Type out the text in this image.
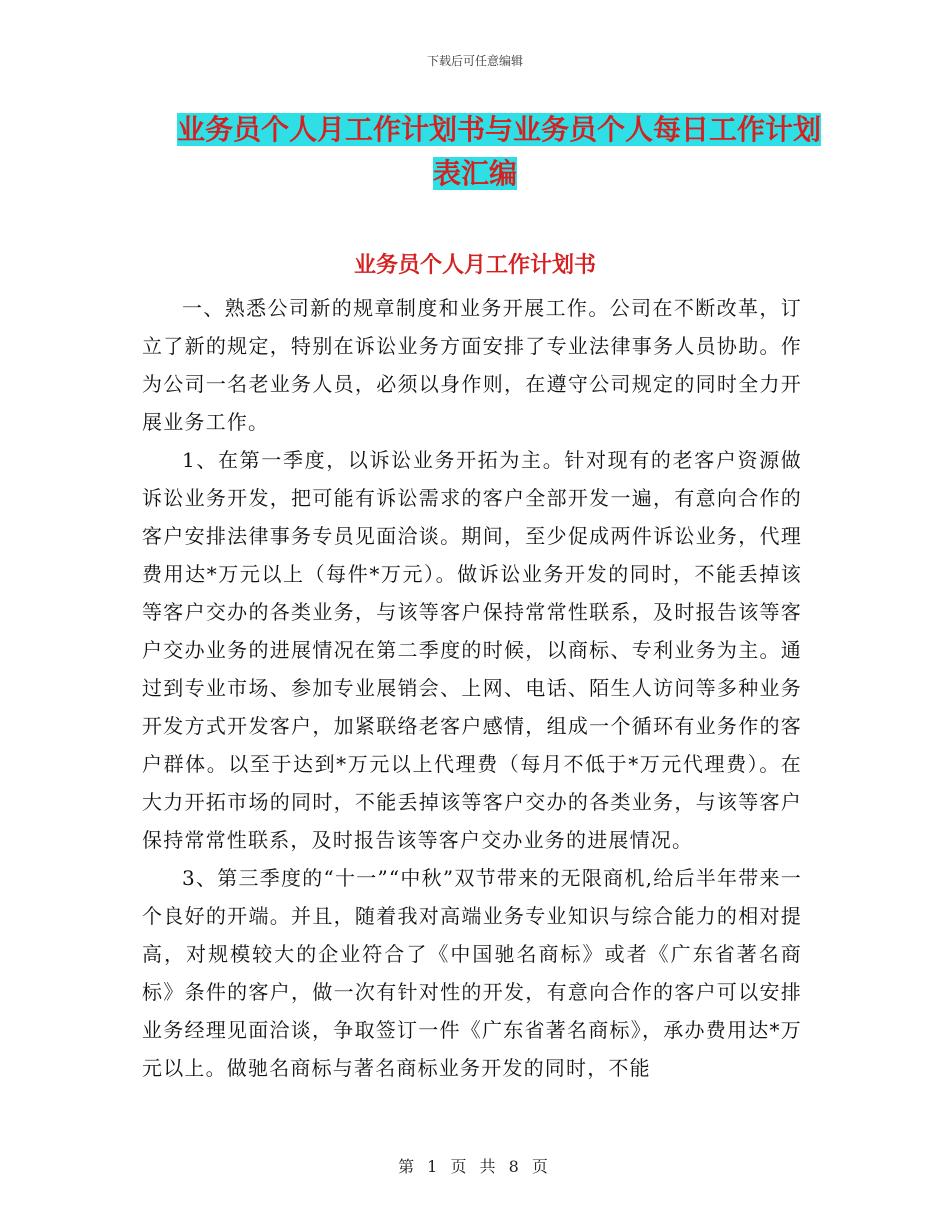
下载后可任意编辑
业务员个人月工作计划书与业务员个人每日工作计划
表汇编
业务员个人月工作计划书

一、熟悉公司新的规章制度和业务开展工作。公司在不断改革，订立了新的规定，特别在诉讼业务方面安排了专业法律事务人员协助。作为公司一名老业务人员，必须以身作则，在遵守公司规定的同时全力开展业务工作。

1、在第一季度，以诉讼业务开拓为主。针对现有的老客户资源做诉讼业务开发，把可能有诉讼需求的客户全部开发一遍，有意向合作的客户安排法律事务专员见面洽谈。期间，至少促成两件诉讼业务，代理费用达*万元以上（每件*万元）。做诉讼业务开发的同时，不能丢掉该等客户交办的各类业务，与该等客户保持常常性联系，及时报告该等客户交办业务的进展情况在第二季度的时候，以商标、专利业务为主。通过到专业市场、参加专业展销会、上网、电话、陌生人访问等多种业务开发方式开发客户，加紧联络老客户感情，组成一个循环有业务作的客户群体。以至于达到*万元以上代理费（每月不低于*万元代理费）。在大力开拓市场的同时，不能丢掉该等客户交办的各类业务，与该等客户保持常常性联系，及时报告该等客户交办业务的进展情况。

3、第三季度的“十一”“中秋”双节带来的无限商机,给后半年带来一个良好的开端。并且，随着我对高端业务专业知识与综合能力的相对提高，对规模较大的企业符合了《中国驰名商标》或者《广东省著名商标》条件的客户，做一次有针对性的开发，有意向合作的客户可以安排业务经理见面洽谈，争取签订一件《广东省著名商标》，承办费用达*万元以上。做驰名商标与著名商标业务开发的同时，不能

第 1 页 共 8 页
